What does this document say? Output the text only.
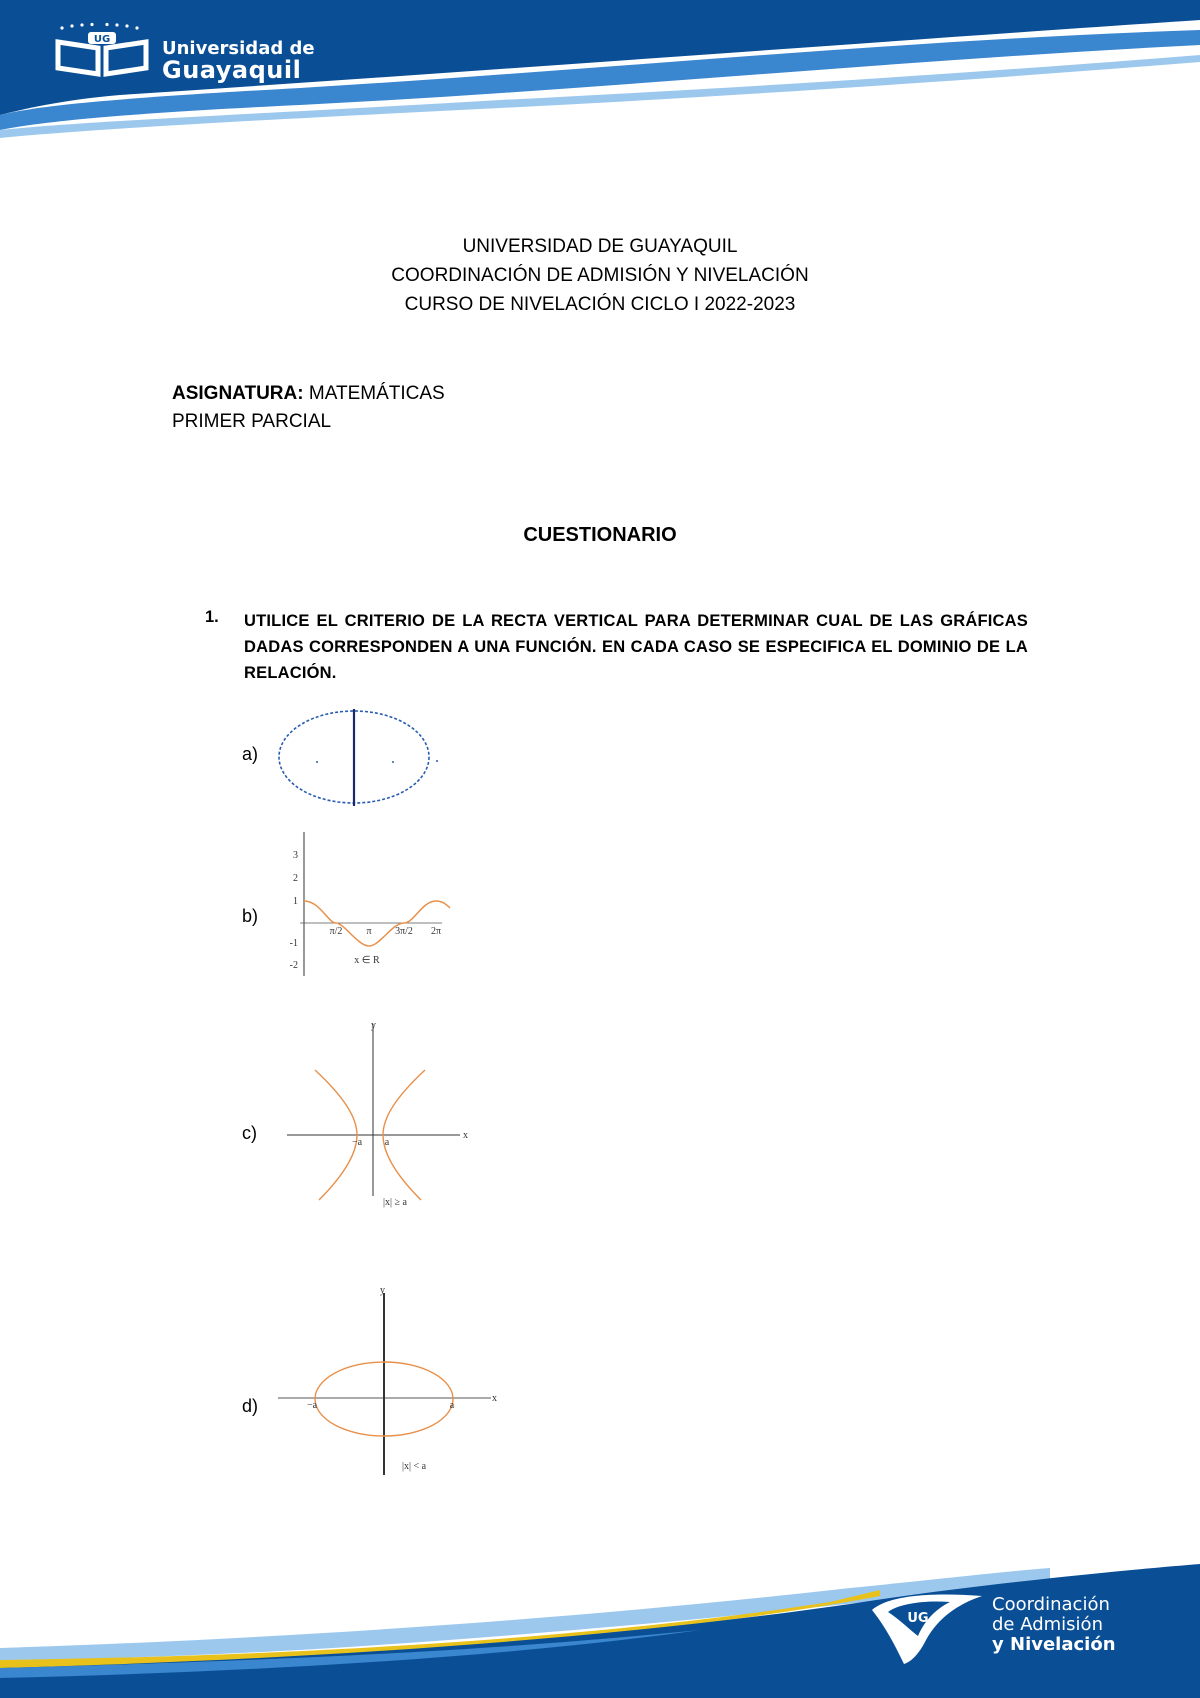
UG	Universidad de
Guayaquil
UNIVERSIDAD DE GUAYAQUIL
COORDINACIÓN DE ADMISIÓN Y NIVELACIÓN
CURSO DE NIVELACIÓN CICLO I 2022-2023
ASIGNATURA: MATEMÁTICAS
PRIMER PARCIAL
CUESTIONARIO
1. UTILICE EL CRITERIO DE LA RECTA VERTICAL PARA DETERMINAR CUAL DE LAS GRÁFICAS DADAS CORRESPONDEN A UNA FUNCIÓN. EN CADA CASO SE ESPECIFICA EL DOMINIO DE LA RELACIÓN.
a)
b)
3
2
1
-1
-2
π/2 π 3π/2 2π
x ∈ R
c)	x
y
−a a
|x| ≥ a
d)	x
y
−a	a
|x| < a
UG
Coordinación
de Admisión
y Nivelación
